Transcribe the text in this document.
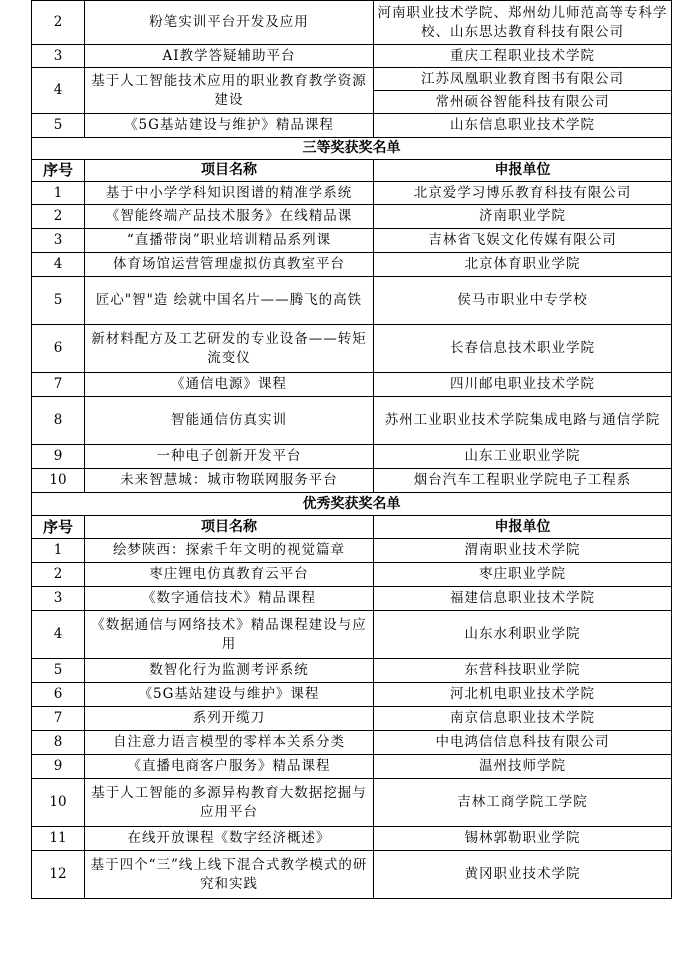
2	粉笔实训平台开发及应用	河南职业技术学院、郑州幼儿师范高等专科学校、山东思达教育科技有限公司
3	AI教学答疑辅助平台	重庆工程职业技术学院
4	基于人工智能技术应用的职业教育教学资源建设	江苏凤凰职业教育图书有限公司
		常州硕谷智能科技有限公司
5	《5G基站建设与维护》精品课程	山东信息职业技术学院
三等奖获奖名单		
序号	项目名称	申报单位
1	基于中小学学科知识图谱的精准学系统	北京爱学习博乐教育科技有限公司
2	《智能终端产品技术服务》在线精品课	济南职业学院
3	“直播带岗”职业培训精品系列课	吉林省飞娱文化传媒有限公司
4	体育场馆运营管理虚拟仿真教室平台	北京体育职业学院
5	匠心"智"造 绘就中国名片——腾飞的高铁	侯马市职业中专学校
6	新材料配方及工艺研发的专业设备——转矩流变仪	长春信息技术职业学院
7	《通信电源》课程	四川邮电职业技术学院
8	智能通信仿真实训	苏州工业职业技术学院集成电路与通信学院
9	一种电子创新开发平台	山东工业职业学院
10	未来智慧城：城市物联网服务平台	烟台汽车工程职业学院电子工程系
优秀奖获奖名单		
序号	项目名称	申报单位
1	绘梦陕西：探索千年文明的视觉篇章	渭南职业技术学院
2	枣庄锂电仿真教育云平台	枣庄职业学院
3	《数字通信技术》精品课程	福建信息职业技术学院
4	《数据通信与网络技术》精品课程建设与应用	山东水利职业学院
5	数智化行为监测考评系统	东营科技职业学院
6	《5G基站建设与维护》课程	河北机电职业技术学院
7	系列开缆刀	南京信息职业技术学院
8	自注意力语言模型的零样本关系分类	中电鸿信信息科技有限公司
9	《直播电商客户服务》精品课程	温州技师学院
10	基于人工智能的多源异构教育大数据挖掘与应用平台	吉林工商学院工学院
11	在线开放课程《数字经济概述》	锡林郭勒职业学院
12	基于四个“三”线上线下混合式教学模式的研究和实践	黄冈职业技术学院
